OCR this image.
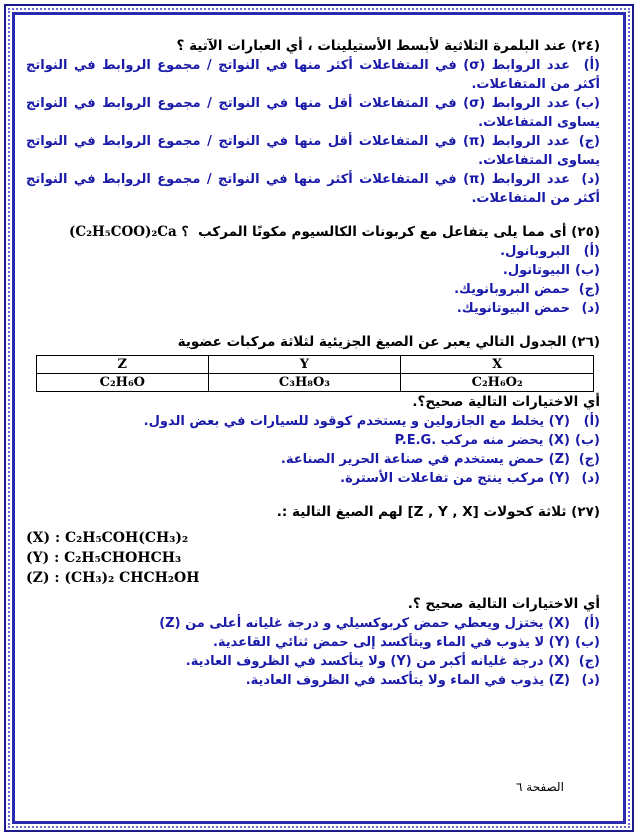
(٢٤) عند البلمرة الثلاثية لأبسط الأستيلينات ، أي العبارات الآتية ؟

(أ)عدد الروابط (σ) في المتفاعلات أكثر منها في النواتج / مجموع الروابط في النواتج أكثر من المتفاعلات.

(ب)عدد الروابط (σ) في المتفاعلات أقل منها في النواتج / مجموع الروابط في النواتج يساوى المتفاعلات.

(ج)عدد الروابط (π) في المتفاعلات أقل منها في النواتج / مجموع الروابط في النواتج يساوى المتفاعلات.

(د)عدد الروابط (π) في المتفاعلات أكثر منها في النواتج / مجموع الروابط في النواتج أكثر من المتفاعلات.

(٢٥) أى مما يلى يتفاعل مع كربونات الكالسيوم مكونًا المركب  (C₂H₅COO)₂Ca ؟

(أ)البروبانول.

(ب)البيوتانول.

(ج)حمض البروبانويك.

(د)حمض البيوتانويك.

(٢٦) الجدول التالي يعبر عن الصيغ الجزيئية لثلاثة مركبات عضوية

X	Y	Z
C₂H₆O₂	C₃H₈O₃	C₂H₆O

أي الاختيارات التالية صحيح؟.

(أ)(Y) يخلط مع الجازولين و يستخدم كوقود للسيارات في بعض الدول.

(ب)(X) يحضر منه مركب .P.E.G

(ج)(Z) حمض يستخدم في صناعة الحرير الصناعة.

(د)(Y) مركب ينتج من تفاعلات الأسترة.

(٢٧) ثلاثة كحولات [Z , Y , X] لهم الصيغ التالية :.

(X) : C₂H₅COH(CH₃)₂

(Y) : C₂H₅CHOHCH₃

(Z) : (CH₃)₂ CHCH₂OH

أي الاختيارات التالية صحيح ؟.

(أ)(X) يختزل ويعطي حمض كربوكسيلي و درجة غليانه أعلى من (Z)

(ب)(Y) لا يذوب في الماء ويتأكسد إلى حمض ثنائي القاعدية.

(ج)(X) درجة غليانه أكبر من (Y) ولا يتأكسد في الظروف العادية.

(د)(Z) يذوب في الماء ولا يتأكسد في الظروف العادية.

الصفحة ٦
